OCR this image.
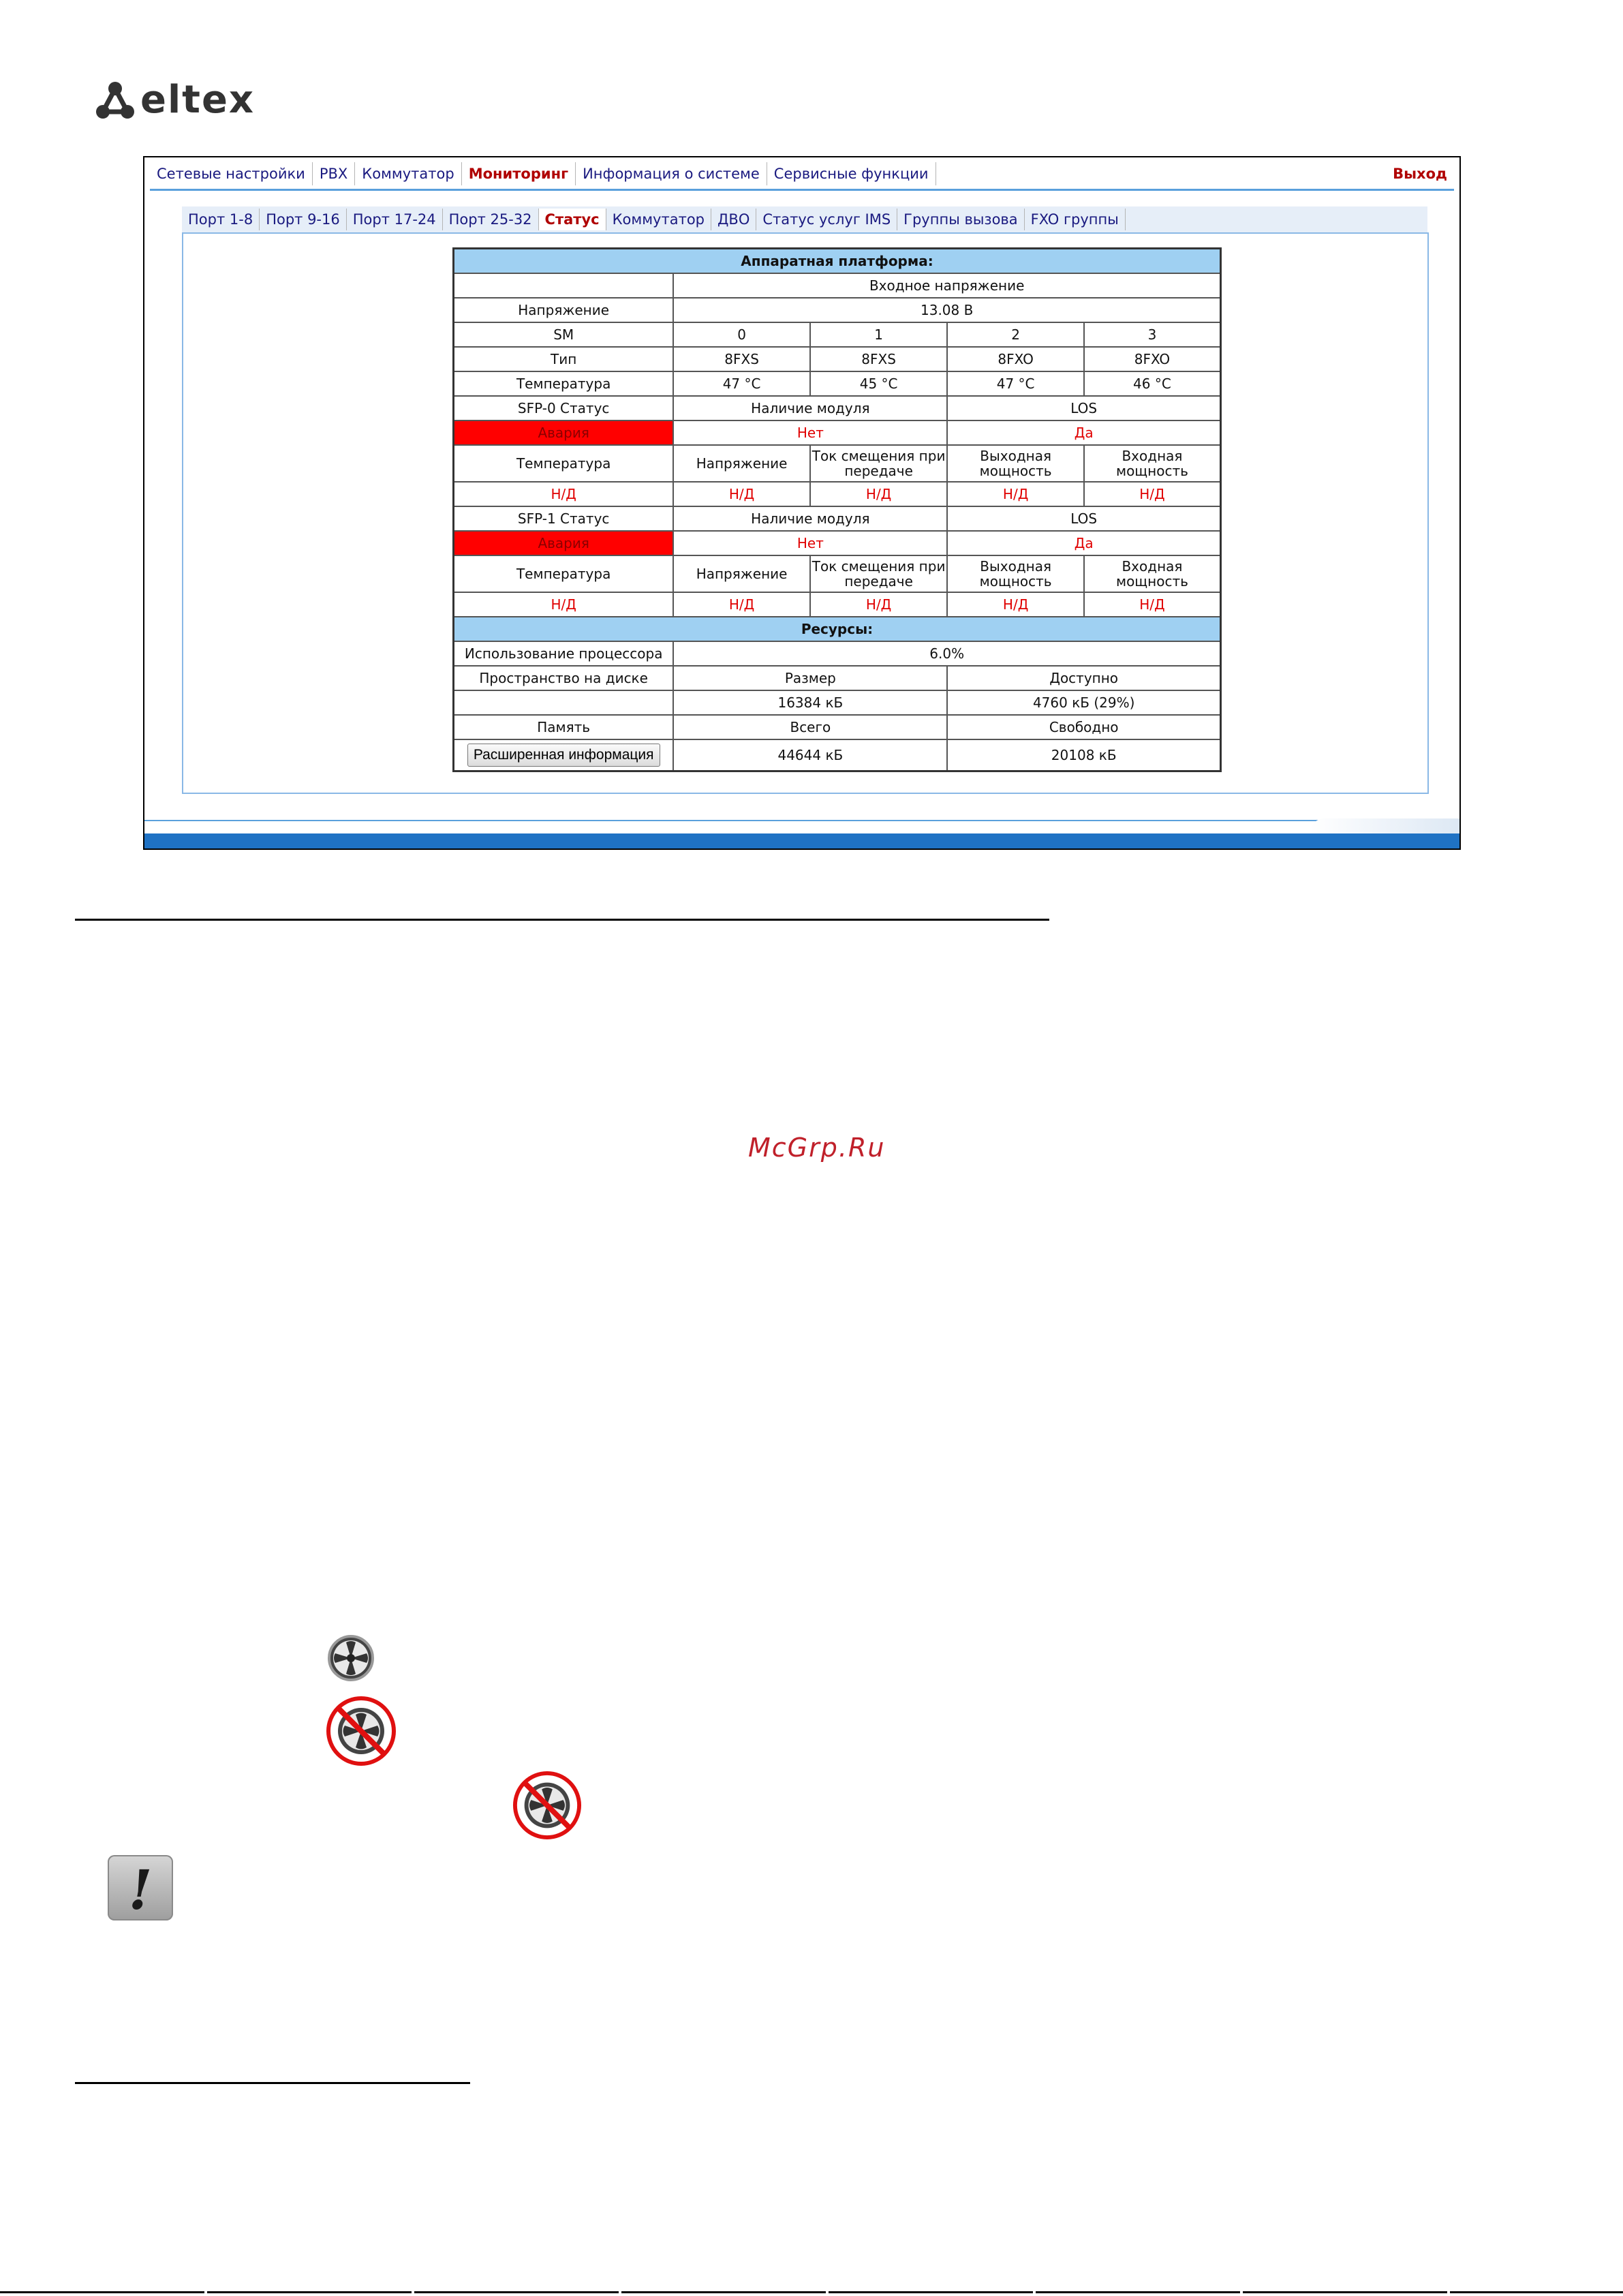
eltex
Сетевые настройки	PBX	Коммутатор	Мониторинг	Информация о системе	Сервисные функции	Выход
Порт 1-8 Порт 9-16 Порт 17-24 Порт 25-32 Статус Коммутатор ДВО Статус услуг IMS Группы вызова FXO группы
Аппаратная платформа:				
	Входное напряжение			
Напряжение	13.08 В			
SM	0	1	2	3
Тип	8FXS	8FXS	8FXO	8FXO
Температура	47 °C	45 °C	47 °C	46 °C
SFP-0 Статус	Наличие модуля		LOS	
Авария	Нет		Да	
Температура	Напряжение	Ток смещения при передаче	Выходная мощность	Входная мощность
Н/Д	Н/Д	Н/Д	Н/Д	Н/Д
SFP-1 Статус	Наличие модуля		LOS	
Авария	Нет		Да	
Температура	Напряжение	Ток смещения при передаче	Выходная мощность	Входная мощность
Н/Д	Н/Д	Н/Д	Н/Д	Н/Д
Ресурсы:				
Использование процессора	6.0%			
Пространство на диске	Размер		Доступно	
	16384 кБ		4760 кБ (29%)	
Память	Всего		Свободно	
Расширенная информация	44644 кБ		20108 кБ	
McGrp.Ru
!
